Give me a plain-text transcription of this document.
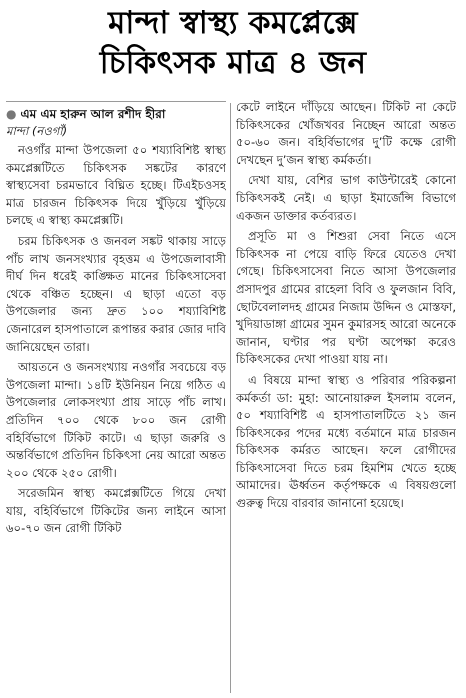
মান্দা স্বাস্থ্য কমপ্লেক্সে
চিকিৎসক মাত্র ৪ জন
● এম এম হারুন আল রশীদ হীরা
মান্দা (নওগাঁ)

নওগাঁর মান্দা উপজেলা ৫০ শয্যাবিশিষ্ট স্বাস্থ্য কমপ্লেক্সটিতে চিকিৎসক সঙ্কটের কারণে স্বাস্থ্যসেবা চরমভাবে বিঘ্নিত হচ্ছে। টিএইচওসহ মাত্র চারজন চিকিৎসক দিয়ে খুঁড়িয়ে খুঁড়িয়ে চলছে এ স্বাস্থ্য কমপ্লেক্সটি।

চরম চিকিৎসক ও জনবল সঙ্কট থাকায় সাড়ে পাঁচ লাখ জনসংখ্যার বৃহত্তম এ উপজেলাবাসী দীর্ঘ দিন ধরেই কাঙ্ক্ষিত মানের চিকিৎসাসেবা থেকে বঞ্চিত হচ্ছেন। এ ছাড়া এতো বড় উপজেলার জন্য দ্রুত ১০০ শয্যাবিশিষ্ট জেনারেল হাসপাতালে রূপান্তর করার জোর দাবি জানিয়েছেন তারা।

আয়তনে ও জনসংখ্যায় নওগাঁর সবচেয়ে বড় উপজেলা মান্দা। ১৪টি ইউনিয়ন নিয়ে গঠিত এ উপজেলার লোকসংখ্যা প্রায় সাড়ে পাঁচ লাখ। প্রতিদিন ৭০০ থেকে ৮০০ জন রোগী বহির্বিভাগে টিকিট কাটে। এ ছাড়া জরুরি ও অন্তর্বিভাগে প্রতিদিন চিকিৎসা নেয় আরো অন্তত ২০০ থেকে ২৫০ রোগী।

সরেজমিন স্বাস্থ্য কমপ্লেক্সটিতে গিয়ে দেখা যায়, বহির্বিভাগে টিকিটের জন্য লাইনে আসা ৬০-৭০ জন রোগী টিকিট

কেটে লাইনে দাঁড়িয়ে আছেন। টিকিট না কেটে চিকিৎসকের খোঁজখবর নিচ্ছেন আরো অন্তত ৫০-৬০ জন। বহির্বিভাগের দু’টি কক্ষে রোগী দেখছেন দু’জন স্বাস্থ্য কর্মকর্তা।

দেখা যায়, বেশির ভাগ কাউন্টারেই কোনো চিকিৎসকই নেই। এ ছাড়া ইমার্জেন্সি বিভাগে একজন ডাক্তার কর্তব্যরত।

প্রসূতি মা ও শিশুরা সেবা নিতে এসে চিকিৎসক না পেয়ে বাড়ি ফিরে যেতেও দেখা গেছে। চিকিৎসাসেবা নিতে আসা উপজেলার প্রসাদপুর গ্রামের রাহেলা বিবি ও ফুলজান বিবি, ছোটবেলালদহ গ্রামের নিজাম উদ্দিন ও মোস্তফা, খুদিয়াডাঙ্গা গ্রামের সুমন কুমারসহ আরো অনেকে জানান, ঘণ্টার পর ঘণ্টা অপেক্ষা করেও চিকিৎসকের দেখা পাওয়া যায় না।

এ বিষয়ে মান্দা স্বাস্থ্য ও পরিবার পরিকল্পনা কর্মকর্তা ডা: মুহা: আনোয়ারুল ইসলাম বলেন, ৫০ শয্যাবিশিষ্ট এ হাসপাতালটিতে ২১ জন চিকিৎসকের পদের মধ্যে বর্তমানে মাত্র চারজন চিকিৎসক কর্মরত আছেন। ফলে রোগীদের চিকিৎসাসেবা দিতে চরম হিমশিম খেতে হচ্ছে আমাদের। ঊর্ধ্বতন কর্তৃপক্ষকে এ বিষয়গুলো গুরুত্ব দিয়ে বারবার জানানো হয়েছে।
